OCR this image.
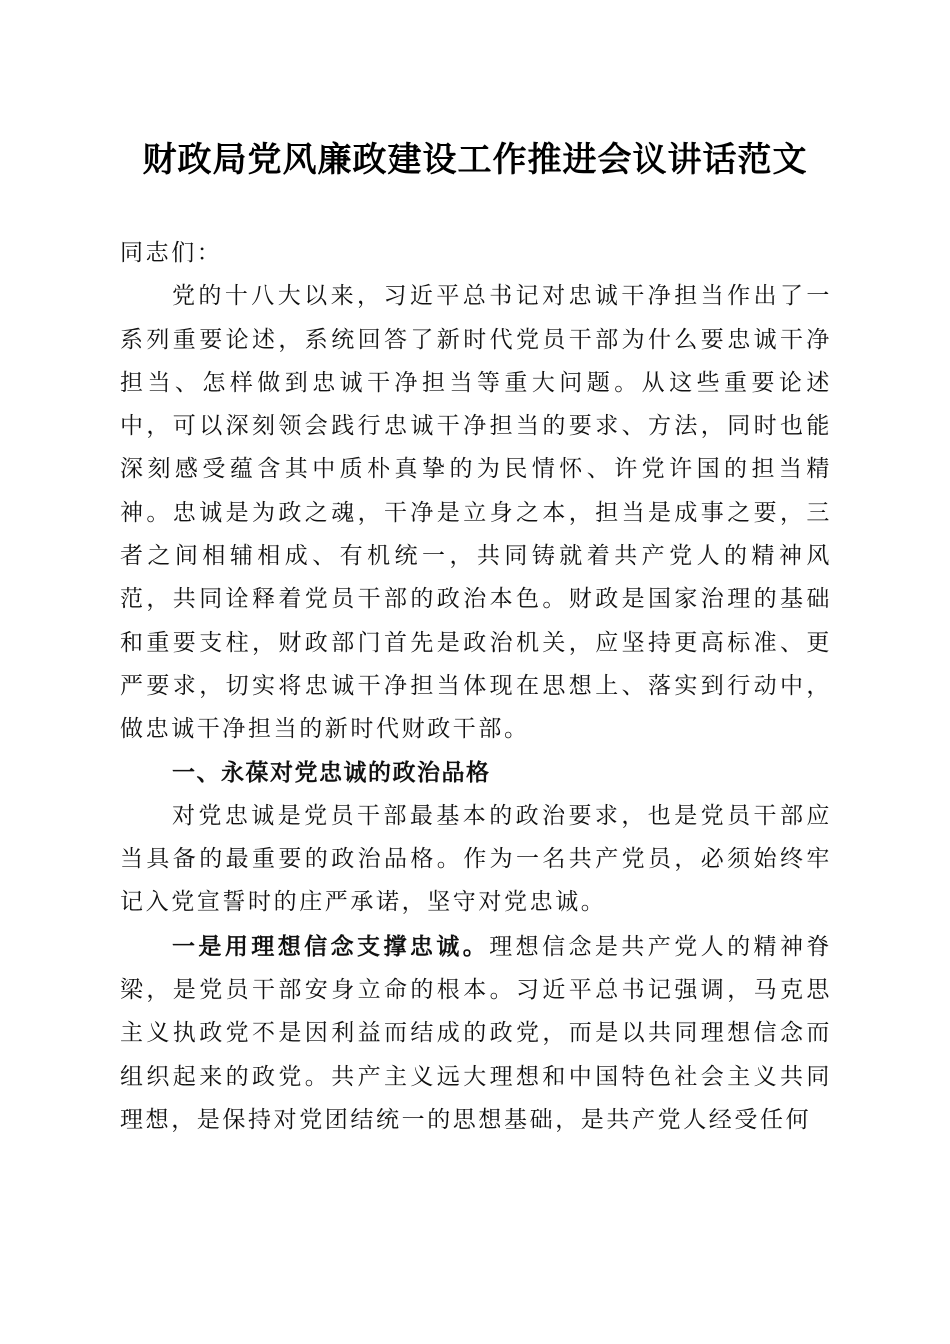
财政局党风廉政建设工作推进会议讲话范文

同志们：

党的十八大以来，习近平总书记对忠诚干净担当作出了一系列重要论述，系统回答了新时代党员干部为什么要忠诚干净担当、怎样做到忠诚干净担当等重大问题。从这些重要论述中，可以深刻领会践行忠诚干净担当的要求、方法，同时也能深刻感受蕴含其中质朴真挚的为民情怀、许党许国的担当精神。忠诚是为政之魂，干净是立身之本，担当是成事之要，三者之间相辅相成、有机统一，共同铸就着共产党人的精神风范，共同诠释着党员干部的政治本色。财政是国家治理的基础和重要支柱，财政部门首先是政治机关，应坚持更高标准、更严要求，切实将忠诚干净担当体现在思想上、落实到行动中，做忠诚干净担当的新时代财政干部。

一、永葆对党忠诚的政治品格

对党忠诚是党员干部最基本的政治要求，也是党员干部应当具备的最重要的政治品格。作为一名共产党员，必须始终牢记入党宣誓时的庄严承诺，坚守对党忠诚。

一是用理想信念支撑忠诚。理想信念是共产党人的精神脊梁，是党员干部安身立命的根本。习近平总书记强调，马克思主义执政党不是因利益而结成的政党，而是以共同理想信念而组织起来的政党。共产主义远大理想和中国特色社会主义共同理想，是保持对党团结统一的思想基础，是共产党人经受任何
